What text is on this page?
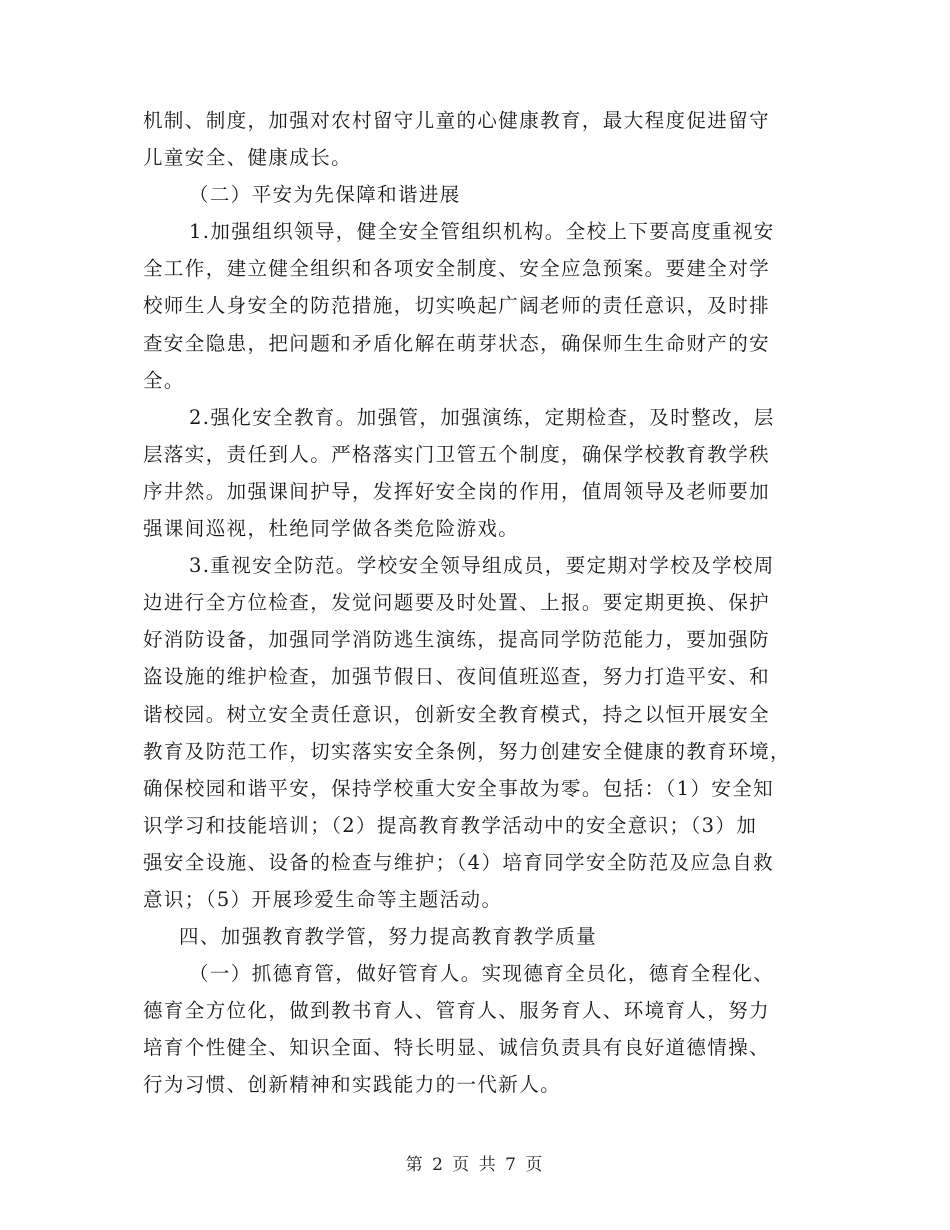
机制、制度，加强对农村留守儿童的心健康教育，最大程度促进留守
儿童安全、健康成长。
（二）平安为先保障和谐进展
1.加强组织领导，健全安全管组织机构。全校上下要高度重视安
全工作，建立健全组织和各项安全制度、安全应急预案。要建全对学
校师生人身安全的防范措施，切实唤起广阔老师的责任意识，及时排
查安全隐患，把问题和矛盾化解在萌芽状态，确保师生生命财产的安
全。
2.强化安全教育。加强管，加强演练，定期检查，及时整改，层
层落实，责任到人。严格落实门卫管五个制度，确保学校教育教学秩
序井然。加强课间护导，发挥好安全岗的作用，值周领导及老师要加
强课间巡视，杜绝同学做各类危险游戏。
3.重视安全防范。学校安全领导组成员，要定期对学校及学校周
边进行全方位检查，发觉问题要及时处置、上报。要定期更换、保护
好消防设备，加强同学消防逃生演练，提高同学防范能力，要加强防
盗设施的维护检查，加强节假日、夜间值班巡查，努力打造平安、和
谐校园。树立安全责任意识，创新安全教育模式，持之以恒开展安全
教育及防范工作，切实落实安全条例，努力创建安全健康的教育环境，
确保校园和谐平安，保持学校重大安全事故为零。包括：（1）安全知
识学习和技能培训；（2）提高教育教学活动中的安全意识；（3）加
强安全设施、设备的检查与维护；（4）培育同学安全防范及应急自救
意识；（5）开展珍爱生命等主题活动。
四、加强教育教学管，努力提高教育教学质量
（一）抓德育管，做好管育人。实现德育全员化，德育全程化、
德育全方位化，做到教书育人、管育人、服务育人、环境育人，努力
培育个性健全、知识全面、特长明显、诚信负责具有良好道德情操、
行为习惯、创新精神和实践能力的一代新人。
第 2 页 共 7 页
